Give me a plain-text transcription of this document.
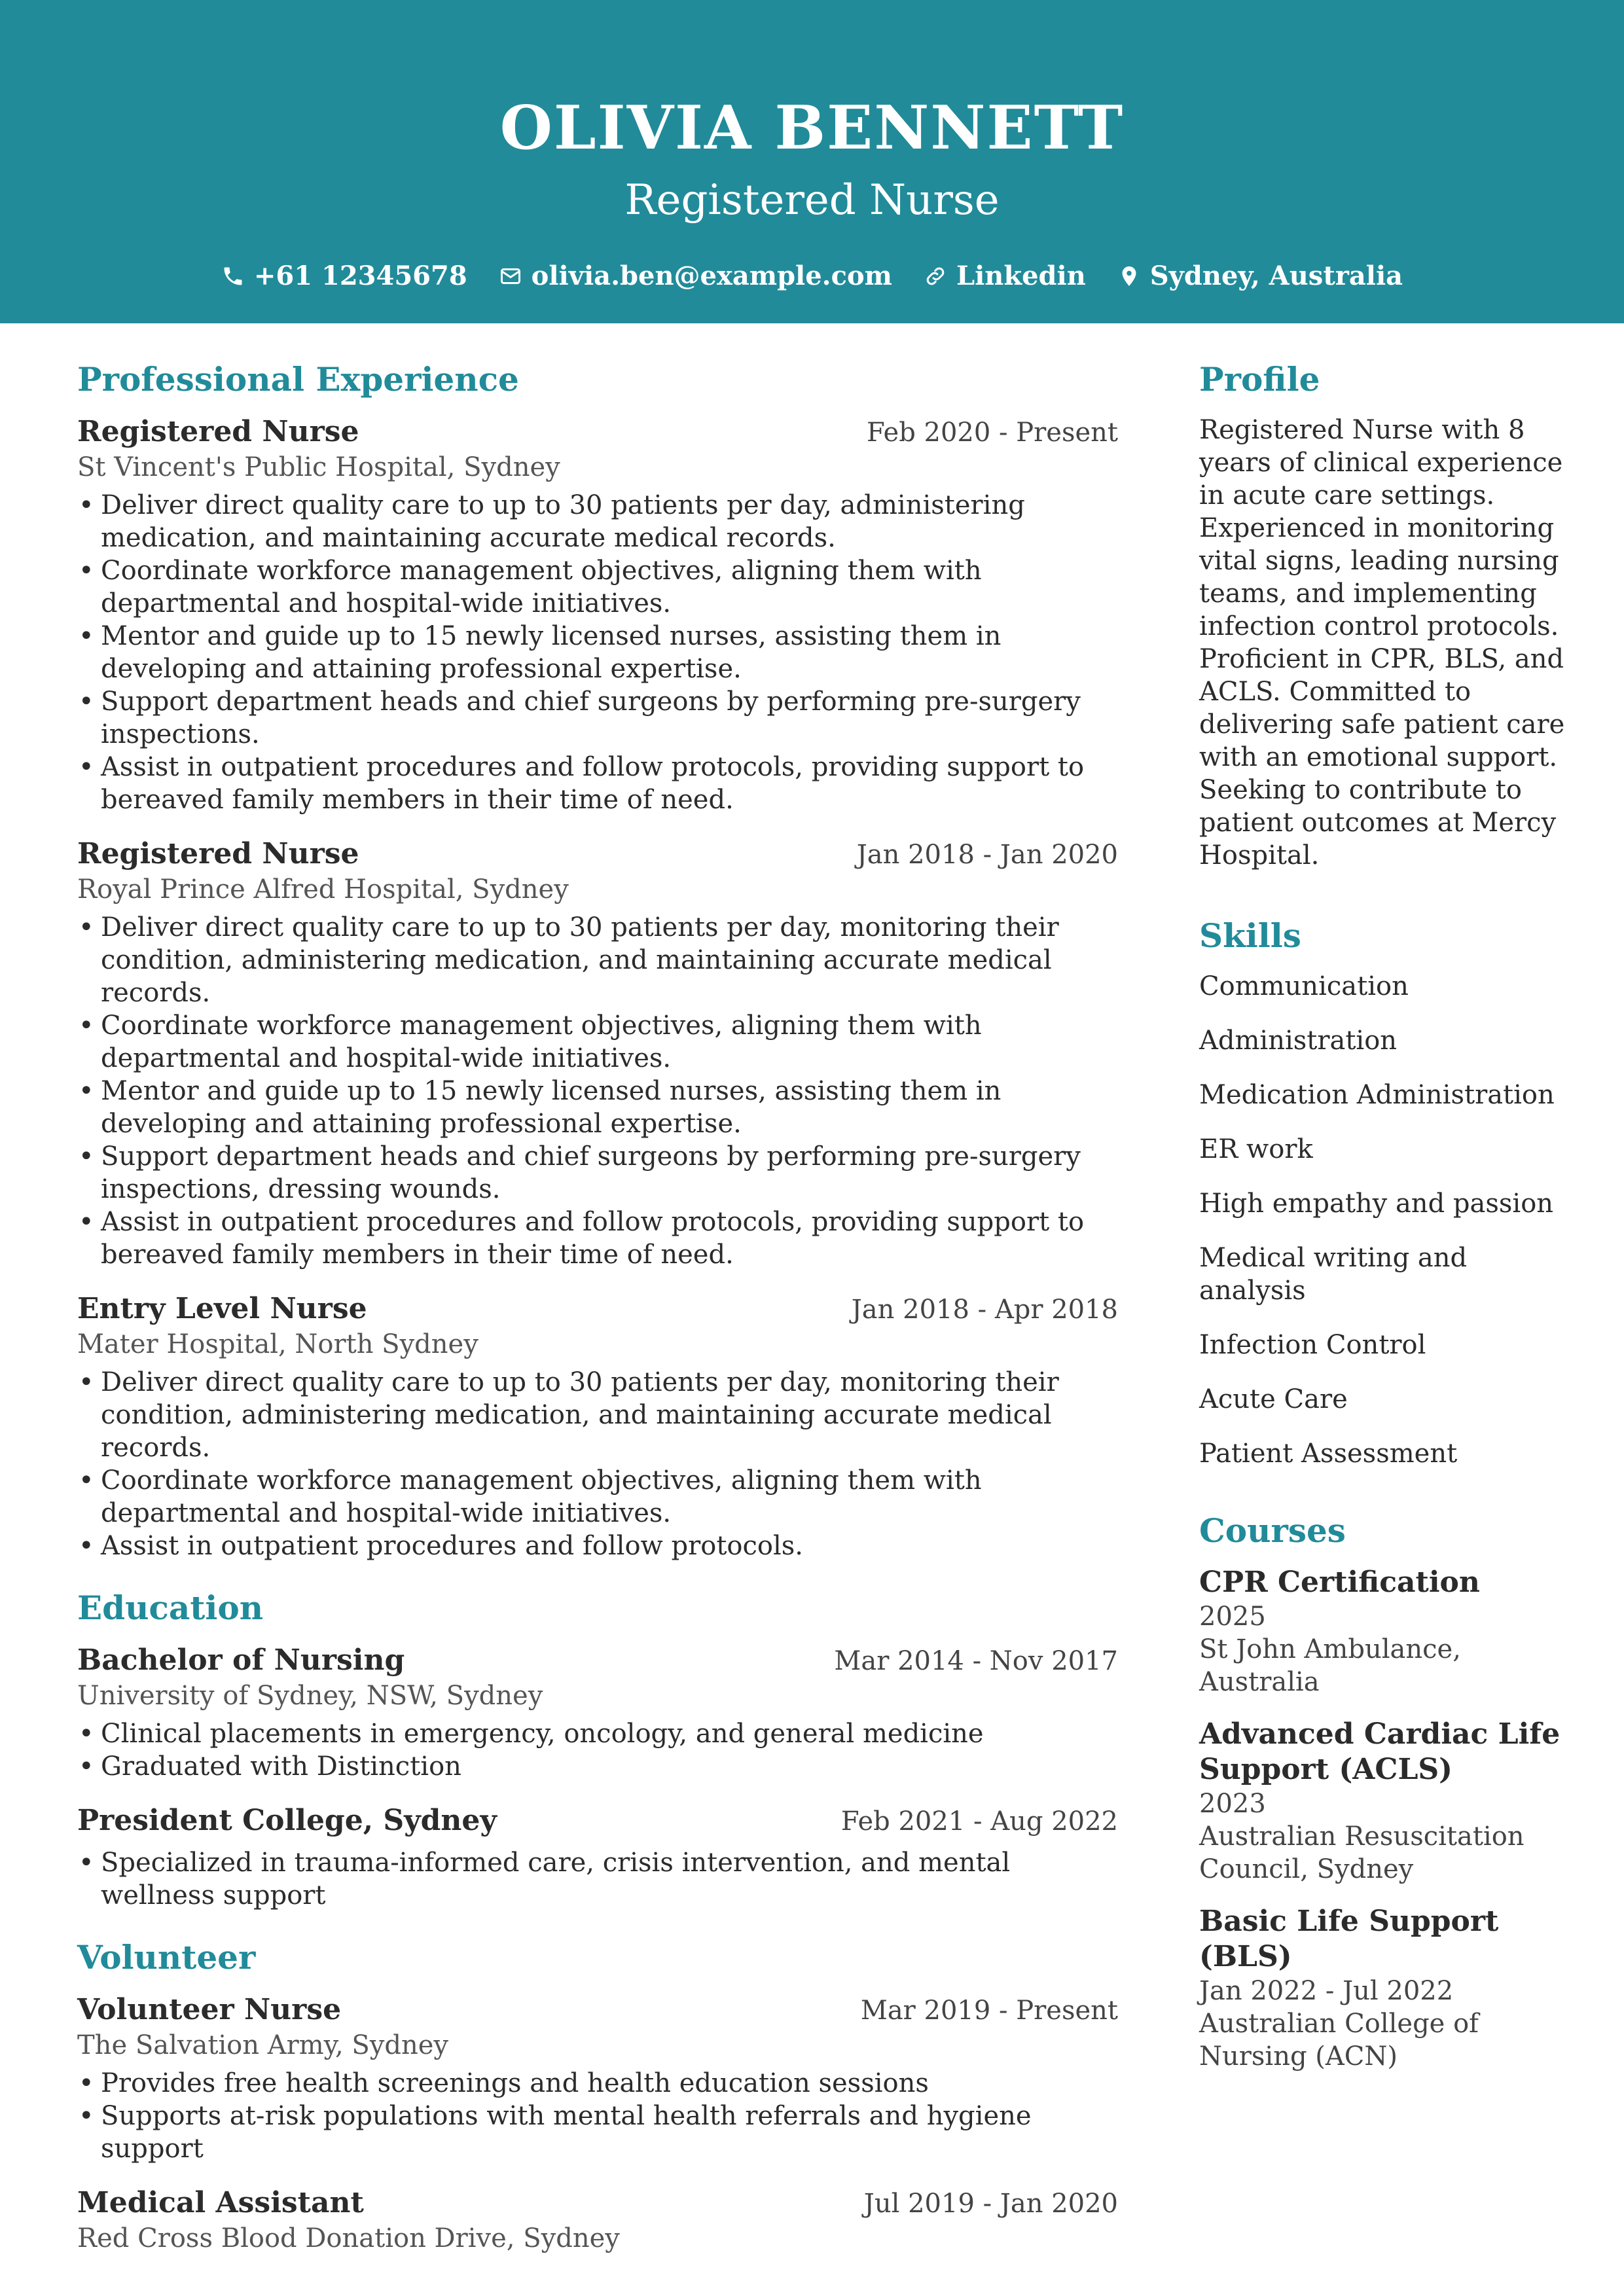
OLIVIA BENNETT
Registered Nurse
+61 12345678 olivia.ben@example.com Linkedin Sydney, Australia
Professional Experience
Registered Nurse	Feb 2020 - Present
St Vincent's Public Hospital, Sydney
• Deliver direct quality care to up to 30 patients per day, administering medication, and maintaining accurate medical records.
• Coordinate workforce management objectives, aligning them with departmental and hospital-wide initiatives.
• Mentor and guide up to 15 newly licensed nurses, assisting them in developing and attaining professional expertise.
• Support department heads and chief surgeons by performing pre-surgery inspections.
• Assist in outpatient procedures and follow protocols, providing support to bereaved family members in their time of need.
Registered Nurse	Jan 2018 - Jan 2020
Royal Prince Alfred Hospital, Sydney
• Deliver direct quality care to up to 30 patients per day, monitoring their condition, administering medication, and maintaining accurate medical records.
• Coordinate workforce management objectives, aligning them with departmental and hospital-wide initiatives.
• Mentor and guide up to 15 newly licensed nurses, assisting them in developing and attaining professional expertise.
• Support department heads and chief surgeons by performing pre-surgery inspections, dressing wounds.
• Assist in outpatient procedures and follow protocols, providing support to bereaved family members in their time of need.
Entry Level Nurse	Jan 2018 - Apr 2018
Mater Hospital, North Sydney
• Deliver direct quality care to up to 30 patients per day, monitoring their condition, administering medication, and maintaining accurate medical records.
• Coordinate workforce management objectives, aligning them with departmental and hospital-wide initiatives.
• Assist in outpatient procedures and follow protocols.
Education
Bachelor of Nursing	Mar 2014 - Nov 2017
University of Sydney, NSW, Sydney
• Clinical placements in emergency, oncology, and general medicine
• Graduated with Distinction
President College, Sydney	Feb 2021 - Aug 2022
• Specialized in trauma-informed care, crisis intervention, and mental wellness support
Volunteer
Volunteer Nurse	Mar 2019 - Present
The Salvation Army, Sydney
• Provides free health screenings and health education sessions
• Supports at-risk populations with mental health referrals and hygiene support
Medical Assistant	Jul 2019 - Jan 2020
Red Cross Blood Donation Drive, Sydney
Profile
Registered Nurse with 8 years of clinical experience in acute care settings. Experienced in monitoring vital signs, leading nursing teams, and implementing infection control protocols. Proficient in CPR, BLS, and ACLS. Committed to delivering safe patient care with an emotional support. Seeking to contribute to patient outcomes at Mercy Hospital.
Skills
Communication
Administration
Medication Administration
ER work
High empathy and passion
Medical writing and analysis
Infection Control
Acute Care
Patient Assessment
Courses
CPR Certification
2025
St John Ambulance, Australia
Advanced Cardiac Life Support (ACLS)
2023
Australian Resuscitation Council, Sydney
Basic Life Support (BLS)
Jan 2022 - Jul 2022
Australian College of Nursing (ACN)
